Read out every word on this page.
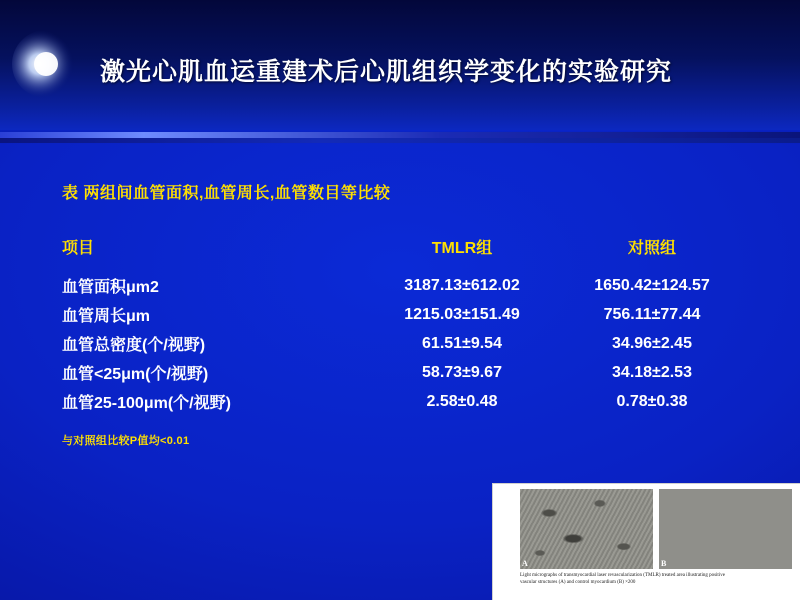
激光心肌血运重建术后心肌组织学变化的实验研究
表 两组间血管面积,血管周长,血管数目等比较
项目	TMLR组	对照组
血管面积μm2	3187.13±612.02	1650.42±124.57
血管周长μm	1215.03±151.49	756.11±77.44
血管总密度(个/视野)	61.51±9.54	34.96±2.45
血管<25μm(个/视野)	58.73±9.67	34.18±2.53
血管25-100μm(个/视野)	2.58±0.48	0.78±0.38
与对照组比较P值均<0.01
A	B
Light micrographs of transmyocardial laser revascularization (TMLR) treated area illustrating positive
vascular structures (A) and control myocardium (B) ×200
